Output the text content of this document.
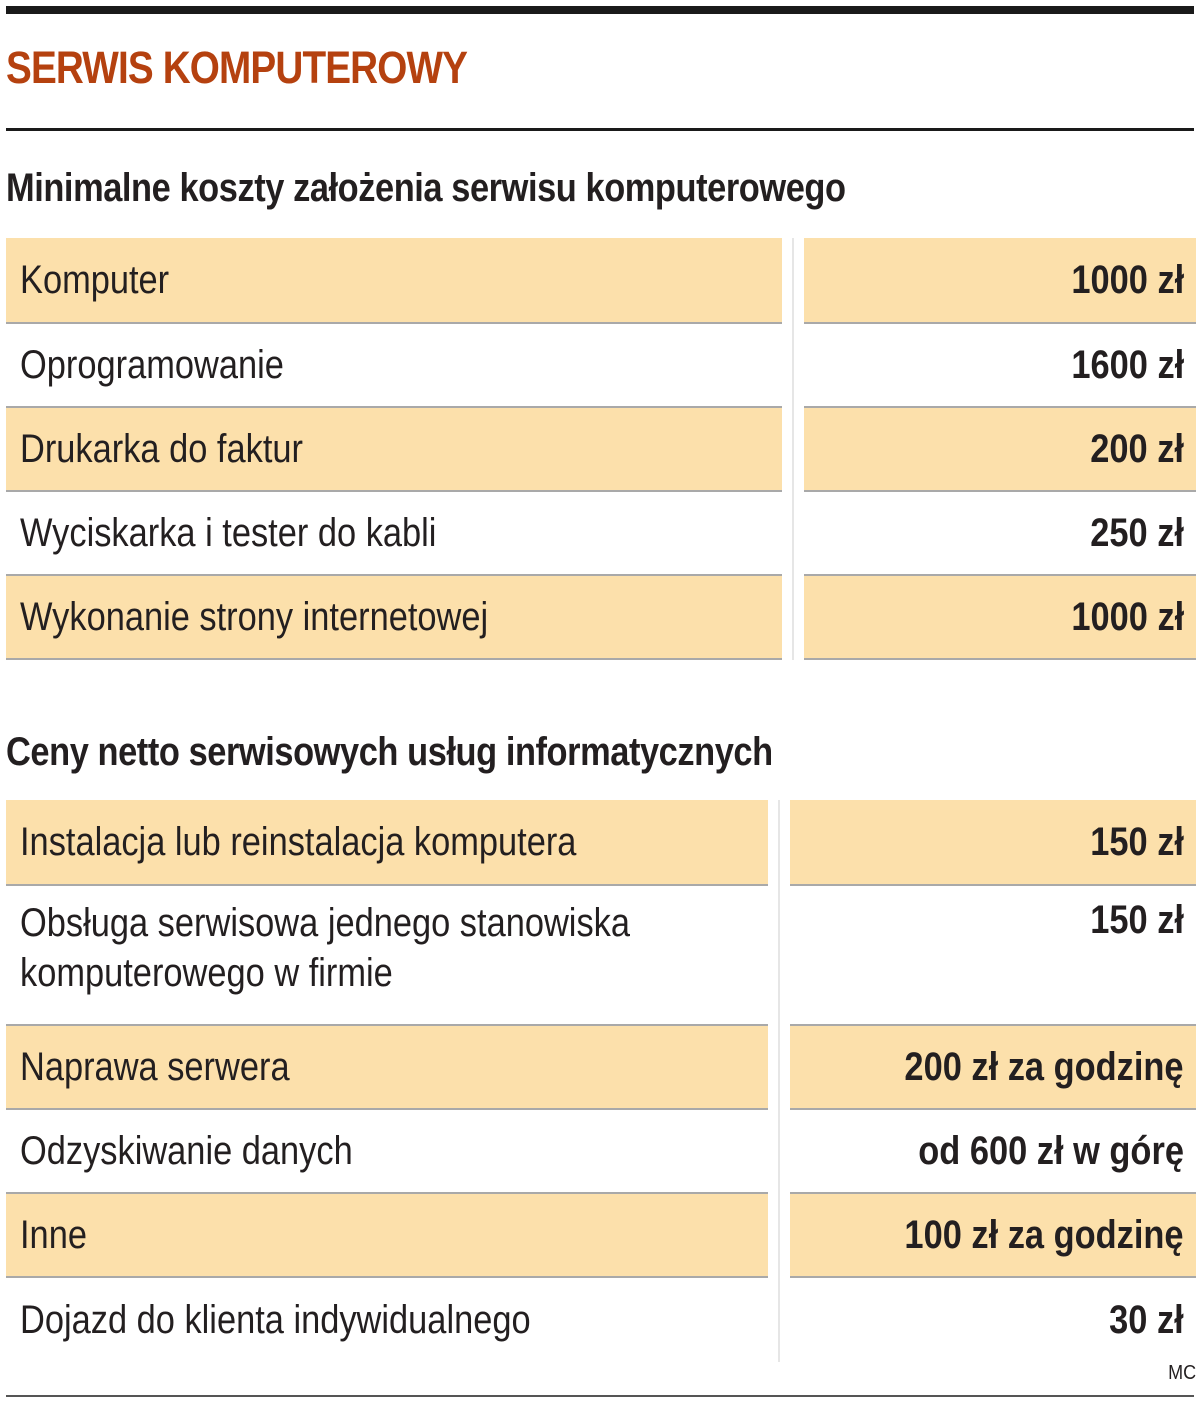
SERWIS KOMPUTEROWY
Minimalne koszty założenia serwisu komputerowego
Komputer	1000 zł
Oprogramowanie	1600 zł
Drukarka do faktur	200 zł
Wyciskarka i tester do kabli	250 zł
Wykonanie strony internetowej	1000 zł
Ceny netto serwisowych usług informatycznych
Instalacja lub reinstalacja komputera	150 zł
Obsługa serwisowa jednego stanowiska
komputerowego w firmie
150 zł
Naprawa serwera	200 zł za godzinę
Odzyskiwanie danych	od 600 zł w górę
Inne	100 zł za godzinę
Dojazd do klienta indywidualnego	30 zł
MC
